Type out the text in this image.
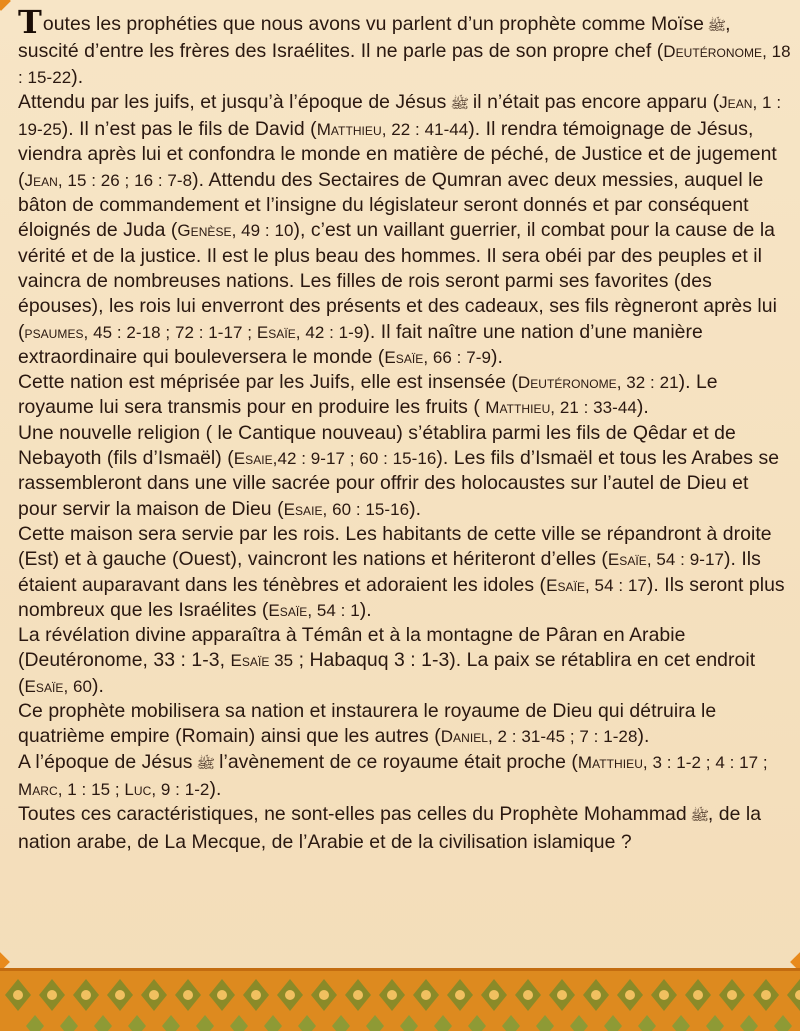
Toutes les prophéties que nous avons vu parlent d’un prophète comme Moïse ﷺ, suscité d’entre les frères des Israélites. Il ne parle pas de son propre chef (Deutéronome, 18 : 15-22).

Attendu par les juifs, et jusqu’à l’époque de Jésus ﷺ il n’était pas encore apparu (Jean, 1 : 19-25). Il n’est pas le fils de David (Matthieu, 22 : 41-44). Il rendra témoignage de Jésus, viendra après lui et confondra le monde en matière de péché, de Justice et de jugement (Jean, 15 : 26 ; 16 : 7-8). Attendu des Sectaires de Qumran avec deux messies, auquel le bâton de commandement et l’insigne du législateur seront donnés et par conséquent éloignés de Juda (Genèse, 49 : 10), c’est un vaillant guerrier, il combat pour la cause de la vérité et de la justice. Il est le plus beau des hommes. Il sera obéi par des peuples et il vaincra de nombreuses nations. Les filles de rois seront parmi ses favorites (des épouses), les rois lui enverront des présents et des cadeaux, ses fils règneront après lui (psaumes, 45 : 2-18 ; 72 : 1-17 ; Esaïe, 42 : 1-9). Il fait naître une nation d’une manière extraordinaire qui bouleversera le monde (Esaïe, 66 : 7-9).

Cette nation est méprisée par les Juifs, elle est insensée (Deutéronome, 32 : 21). Le royaume lui sera transmis pour en produire les fruits ( Matthieu, 21 : 33-44).

Une nouvelle religion ( le Cantique nouveau) s’établira parmi les fils de Qêdar et de Nebayoth (fils d’Ismaël) (Esaie,42 : 9-17 ; 60 : 15-16). Les fils d’Ismaël et tous les Arabes se rassembleront dans une ville sacrée pour offrir des holocaustes sur l’autel de Dieu et pour servir la maison de Dieu (Esaie, 60 : 15-16).

Cette maison sera servie par les rois. Les habitants de cette ville se répandront à droite (Est) et à gauche (Ouest), vaincront les nations et hériteront d’elles (Esaïe, 54 : 9-17). Ils étaient auparavant dans les ténèbres et adoraient les idoles (Esaïe, 54 : 17). Ils seront plus nombreux que les Israélites (Esaïe, 54 : 1).

La révélation divine apparaîtra à Témân et à la montagne de Pâran en Arabie (Deutéronome, 33 : 1-3, Esaïe 35 ; Habaquq 3 : 1-3). La paix se rétablira en cet endroit (Esaïe, 60).

Ce prophète mobilisera sa nation et instaurera le royaume de Dieu qui détruira le quatrième empire (Romain) ainsi que les autres (Daniel, 2 : 31-45 ; 7 : 1-28).

A l’époque de Jésus ﷺ l’avènement de ce royaume était proche (Matthieu, 3 : 1-2 ; 4 : 17 ; Marc, 1 : 15 ; Luc, 9 : 1-2).

Toutes ces caractéristiques, ne sont-elles pas celles du Prophète Mohammad ﷺ, de la nation arabe, de La Mecque, de l’Arabie et de la civilisation islamique ?
